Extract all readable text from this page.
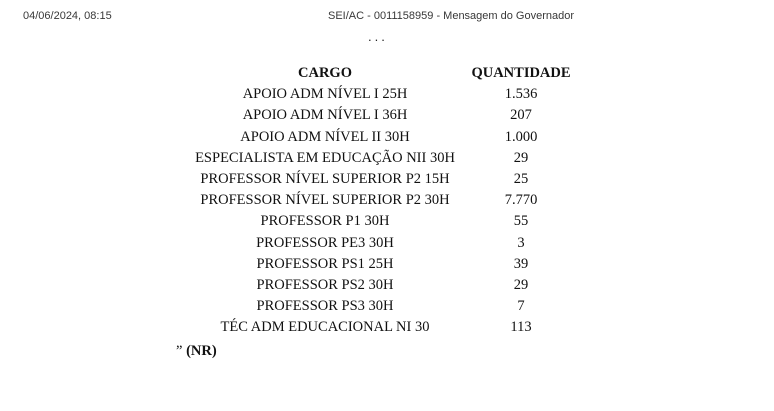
04/06/2024, 08:15	SEI/AC - 0011158959 - Mensagem do Governador
...
CARGO	QUANTIDADE
APOIO ADM NÍVEL I 25H	1.536
APOIO ADM NÍVEL I 36H	207
APOIO ADM NÍVEL II 30H	1.000
ESPECIALISTA EM EDUCAÇÃO NII 30H	29
PROFESSOR NÍVEL SUPERIOR P2 15H	25
PROFESSOR NÍVEL SUPERIOR P2 30H	7.770
PROFESSOR P1 30H	55
PROFESSOR PE3 30H	3
PROFESSOR PS1 25H	39
PROFESSOR PS2 30H	29
PROFESSOR PS3 30H	7
TÉC ADM EDUCACIONAL NI 30	113
” (NR)
